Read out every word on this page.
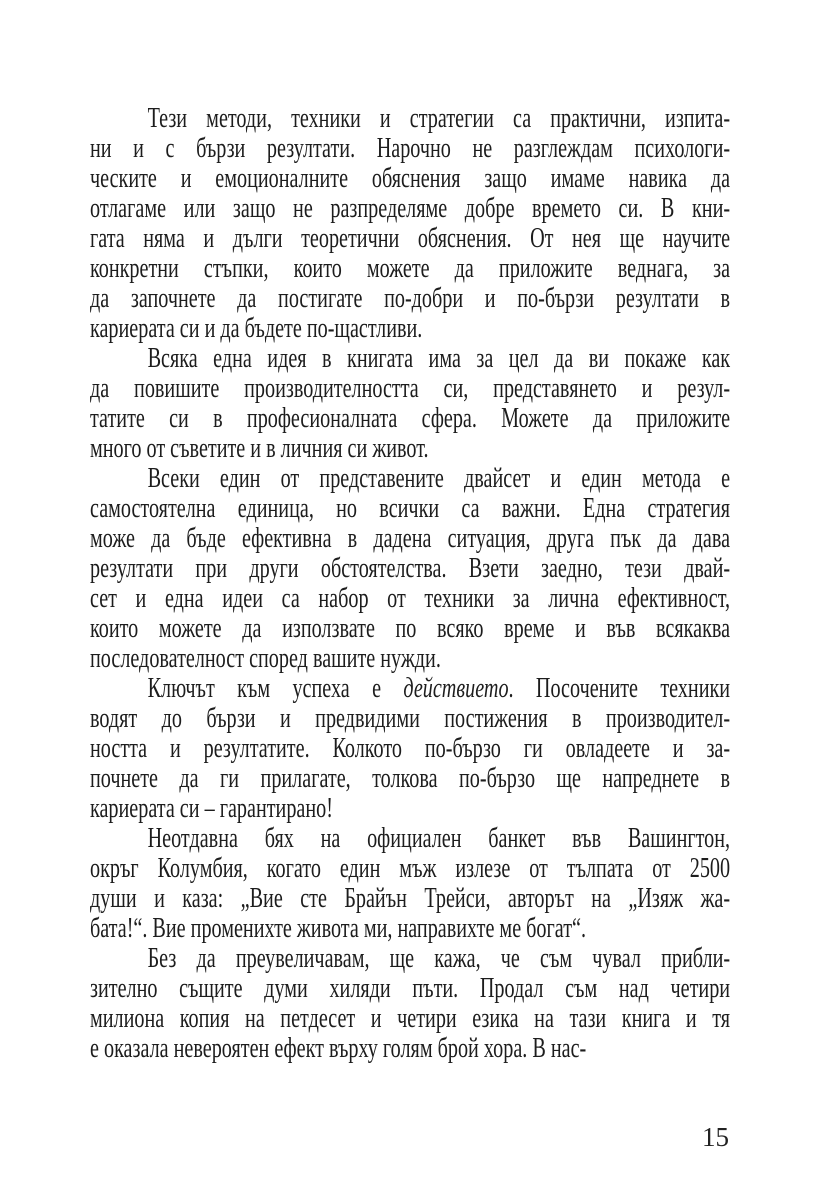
Тези методи, техники и стратегии са практични, изпита-
ни и с бързи резултати. Нарочно не разглеждам психологи-
ческите и емоционалните обяснения защо имаме навика да
отлагаме или защо не разпределяме добре времето си. В кни-
гата няма и дълги теоретични обяснения. От нея ще научите
конкретни стъпки, които можете да приложите веднага, за
да започнете да постигате по-добри и по-бързи резултати в
кариерата си и да бъдете по-щастливи.
Всяка една идея в книгата има за цел да ви покаже как
да повишите производителността си, представянето и резул-
татите си в професионалната сфера. Можете да приложите
много от съветите и в личния си живот.
Всеки един от представените двайсет и един метода е
самостоятелна единица, но всички са важни. Една стратегия
може да бъде ефективна в дадена ситуация, друга пък да дава
резултати при други обстоятелства. Взети заедно, тези двай-
сет и една идеи са набор от техники за лична ефективност,
които можете да използвате по всяко време и във всякаква
последователност според вашите нужди.
Ключът към успеха е действието. Посочените техники
водят до бързи и предвидими постижения в производител-
ността и резултатите. Колкото по-бързо ги овладеете и за-
почнете да ги прилагате, толкова по-бързо ще напреднете в
кариерата си – гарантирано!
Неотдавна бях на официален банкет във Вашингтон,
окръг Колумбия, когато един мъж излезе от тълпата от 2500
души и каза: „Вие сте Брайън Трейси, авторът на „Изяж жа-
бата!“. Вие променихте живота ми, направихте ме богат“.
Без да преувеличавам, ще кажа, че съм чувал прибли-
зително същите думи хиляди пъти. Продал съм над четири
милиона копия на петдесет и четири езика на тази книга и тя
е оказала невероятен ефект върху голям брой хора. В нас-
15
